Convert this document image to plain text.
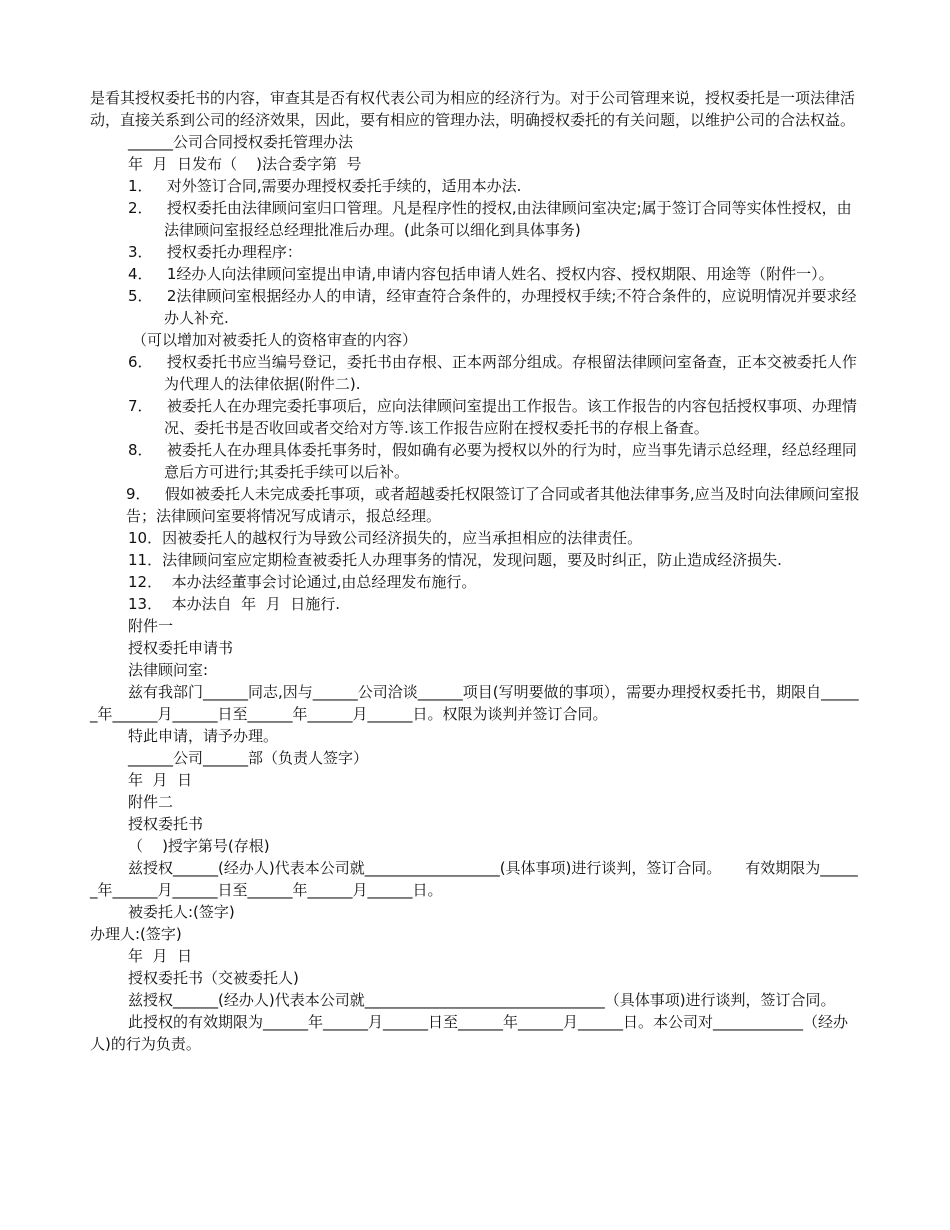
是看其授权委托书的内容，审查其是否有权代表公司为相应的经济行为。对于公司管理来说，授权委托是一项法律活动，直接关系到公司的经济效果，因此，要有相应的管理办法，明确授权委托的有关问题，以维护公司的合法权益。

______公司合同授权委托管理办法

年  月  日发布（    )法合委字第  号

1．   对外签订合同,需要办理授权委托手续的，适用本办法.

2．   授权委托由法律顾问室归口管理。凡是程序性的授权,由法律顾问室决定;属于签订合同等实体性授权，由法律顾问室报经总经理批准后办理。(此条可以细化到具体事务)

3．   授权委托办理程序：

4．   1经办人向法律顾问室提出申请,申请内容包括申请人姓名、授权内容、授权期限、用途等（附件一）。

5．   2法律顾问室根据经办人的申请，经审查符合条件的，办理授权手续;不符合条件的，应说明情况并要求经办人补充.

（可以增加对被委托人的资格审查的内容）

6．   授权委托书应当编号登记，委托书由存根、正本两部分组成。存根留法律顾问室备查，正本交被委托人作为代理人的法律依据(附件二).

7．   被委托人在办理完委托事项后，应向法律顾问室提出工作报告。该工作报告的内容包括授权事项、办理情况、委托书是否收回或者交给对方等.该工作报告应附在授权委托书的存根上备查。

8．   被委托人在办理具体委托事务时，假如确有必要为授权以外的行为时，应当事先请示总经理，经总经理同意后方可进行;其委托手续可以后补。

9．   假如被委托人未完成委托事项，或者超越委托权限签订了合同或者其他法律事务,应当及时向法律顾问室报告；法律顾问室要将情况写成请示，报总经理。

10．因被委托人的越权行为导致公司经济损失的，应当承担相应的法律责任。

11．法律顾问室应定期检查被委托人办理事务的情况，发现问题，要及时纠正，防止造成经济损失.

12．  本办法经董事会讨论通过,由总经理发布施行。

13．  本办法自  年  月  日施行.

附件一

授权委托申请书

法律顾问室:

兹有我部门______同志,因与______公司洽谈______项目(写明要做的事项），需要办理授权委托书，期限自______年______月______日至______年______月______日。权限为谈判并签订合同。

特此申请，请予办理。

______公司______部（负责人签字）

年  月  日

附件二

授权委托书

（    )授字第号(存根)

兹授权______(经办人)代表本公司就__________________(具体事项)进行谈判，签订合同。     有效期限为______年______月______日至______年______月______日。

被委托人:(签字)

办理人:(签字)

年  月  日

授权委托书（交被委托人)

兹授权______(经办人)代表本公司就________________________________（具体事项)进行谈判，签订合同。

此授权的有效期限为______年______月______日至______年______月______日。本公司对____________（经办人)的行为负责。
